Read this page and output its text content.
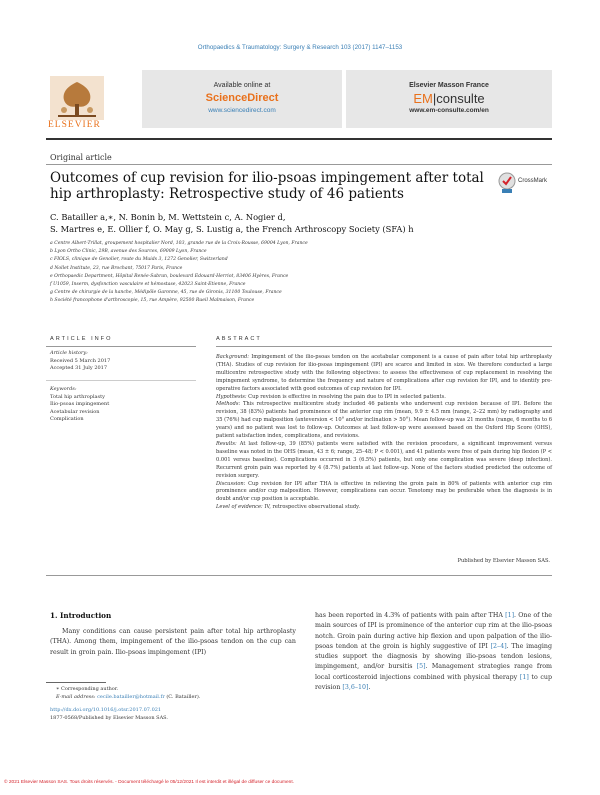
Orthopaedics & Traumatology: Surgery & Research 103 (2017) 1147–1153
ELSEVIER
Available online at
ScienceDirect
www.sciencedirect.com
Elsevier Masson France
EM|consulte
www.em-consulte.com/en
Original article
Outcomes of cup revision for ilio-psoas impingement after total hip arthroplasty: Retrospective study of 46 patients
CrossMark
C. Batailler a,∗, N. Bonin b, M. Wettstein c, A. Nogier d,
S. Martres e, E. Ollier f, O. May g, S. Lustig a, the French Arthroscopy Society (SFA) h
a Centre Albert-Trillat, groupement hospitalier Nord, 103, grande rue de la Croix-Rousse, 69004 Lyon, France
b Lyon Ortho Clinic, 29B, avenue des Sources, 69009 Lyon, France
c FIOLS, clinique de Genolier, route du Muids 3, 1272 Genolier, Switzerland
d Nollet Institute, 23, rue Brochant, 75017 Paris, France
e Orthopaedic Department, Hôpital Renée-Sabran, boulevard Edouard-Herriot, 83406 Hyères, France
f U1059, Inserm, dysfonction vasculaire et hémostase, 42023 Saint-Etienne, France
g Centre de chirurgie de la hanche, Médipôle Garonne, 45, rue de Gironis, 31100 Toulouse, France
h Société francophone d'arthroscopie, 15, rue Ampère, 92500 Rueil Malmaison, France
ARTICLE INFO
Article history:
Received 5 March 2017
Accepted 31 July 2017
Keywords:
Total hip arthroplasty
Ilio-psoas impingement
Acetabular revision
Complication
ABSTRACT
Background: Impingement of the ilio-psoas tendon on the acetabular component is a cause of pain after total hip arthroplasty (THA). Studies of cup revision for ilio-psoas impingement (IPI) are scarce and limited in size. We therefore conducted a large multicentre retrospective study with the following objectives: to assess the effectiveness of cup replacement in resolving the impingement syndrome, to determine the frequency and nature of complications after cup revision for IPI, and to identify pre-operative factors associated with good outcomes of cup revision for IPI.
Hypothesis: Cup revision is effective in resolving the pain due to IPI in selected patients.
Methods: This retrospective multicentre study included 46 patients who underwent cup revision because of IPI. Before the revision, 38 (83%) patients had prominence of the anterior cup rim (mean, 9.9 ± 4.5 mm (range, 2–22 mm) by radiography and 35 (76%) had cup malposition (anteversion < 10° and/or inclination > 50°). Mean follow-up was 21 months (range, 6 months to 6 years) and no patient was lost to follow-up. Outcomes at last follow-up were assessed based on the Oxford Hip Score (OHS), patient satisfaction index, complications, and revisions.
Results: At last follow-up, 39 (85%) patients were satisfied with the revision procedure, a significant improvement versus baseline was noted in the OHS (mean, 43 ± 6; range, 25–48; P < 0.001), and 41 patients were free of pain during hip flexion (P < 0.001 versus baseline). Complications occurred in 3 (6.5%) patients, but only one complication was severe (deep infection). Recurrent groin pain was reported by 4 (8.7%) patients at last follow-up. None of the factors studied predicted the outcome of revision surgery.
Discussion: Cup revision for IPI after THA is effective in relieving the groin pain in 80% of patients with anterior cup rim prominence and/or cup malposition. However, complications can occur. Tenotomy may be preferable when the diagnosis is in doubt and/or cup position is acceptable.
Level of evidence: IV, retrospective observational study.
Published by Elsevier Masson SAS.
1. Introduction
Many conditions can cause persistent pain after total hip arthroplasty (THA). Among them, impingement of the ilio-psoas tendon on the cup can result in groin pain. Ilio-psoas impingement (IPI)
has been reported in 4.3% of patients with pain after THA [1]. One of the main sources of IPI is prominence of the anterior cup rim at the ilio-psoas notch. Groin pain during active hip flexion and upon palpation of the ilio-psoas tendon at the groin is highly suggestive of IPI [2–4]. The imaging studies support the diagnosis by showing ilio-psoas tendon lesions, impingement, and/or bursitis [5]. Management strategies range from local corticosteroid injections combined with physical therapy [1] to cup revision [3,6–10].
∗ Corresponding author.
E-mail address: cecile.batailler@hotmail.fr (C. Batailler).
http://dx.doi.org/10.1016/j.otsr.2017.07.021
1877-0568/Published by Elsevier Masson SAS.
© 2021 Elsevier Masson SAS. Tous droits réservés. - Document téléchargé le 05/12/2021 Il est interdit et illégal de diffuser ce document.
